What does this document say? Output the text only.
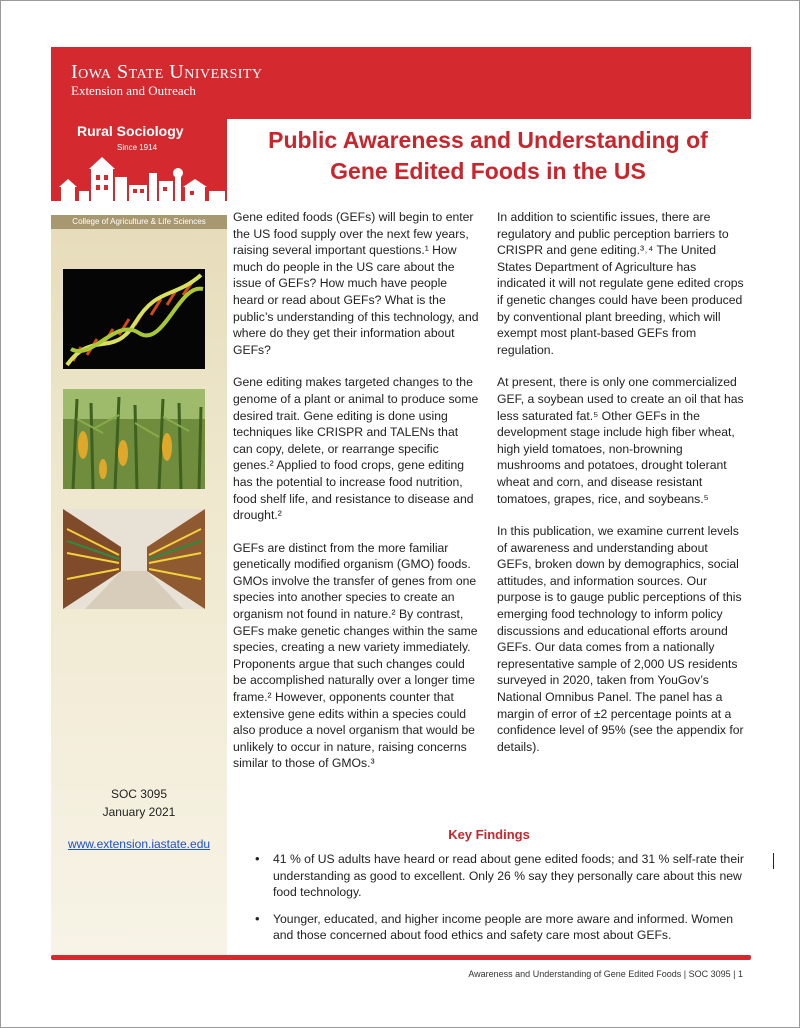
Iowa State University
Extension and Outreach
Rural Sociology
Since 1914
College of Agriculture & Life Sciences
SOC 3095
January 2021
www.extension.iastate.edu
Public Awareness and Understanding of
Gene Edited Foods in the US

Gene edited foods (GEFs) will begin to enter the US food supply over the next few years, raising several important questions.¹ How much do people in the US care about the issue of GEFs? How much have people heard or read about GEFs? What is the public’s understanding of this technology, and where do they get their information about GEFs?

Gene editing makes targeted changes to the genome of a plant or animal to produce some desired trait. Gene editing is done using techniques like CRISPR and TALENs that can copy, delete, or rearrange specific genes.² Applied to food crops, gene editing has the potential to increase food nutrition, food shelf life, and resistance to disease and drought.²

GEFs are distinct from the more familiar genetically modified organism (GMO) foods. GMOs involve the transfer of genes from one species into another species to create an organism not found in nature.² By contrast, GEFs make genetic changes within the same species, creating a new variety immediately. Proponents argue that such changes could be accomplished naturally over a longer time frame.² However, opponents counter that extensive gene edits within a species could also produce a novel organism that would be unlikely to occur in nature, raising concerns similar to those of GMOs.³

In addition to scientific issues, there are regulatory and public perception barriers to CRISPR and gene editing.³˒⁴ The United States Department of Agriculture has indicated it will not regulate gene edited crops if genetic changes could have been produced by conventional plant breeding, which will exempt most plant-based GEFs from regulation.

At present, there is only one commercialized GEF, a soybean used to create an oil that has less saturated fat.⁵ Other GEFs in the development stage include high fiber wheat, high yield tomatoes, non-browning mushrooms and potatoes, drought tolerant wheat and corn, and disease resistant tomatoes, grapes, rice, and soybeans.⁵

In this publication, we examine current levels of awareness and understanding about GEFs, broken down by demographics, social attitudes, and information sources. Our purpose is to gauge public perceptions of this emerging food technology to inform policy discussions and educational efforts around GEFs. Our data comes from a nationally representative sample of 2,000 US residents surveyed in 2020, taken from YouGov’s National Omnibus Panel. The panel has a margin of error of ±2 percentage points at a confidence level of 95% (see the appendix for details).

Key Findings
• 41 % of US adults have heard or read about gene edited foods; and 31 % self-rate their understanding as good to excellent. Only 26 % say they personally care about this new food technology.
• Younger, educated, and higher income people are more aware and informed. Women and those concerned about food ethics and safety care most about GEFs.
Awareness and Understanding of Gene Edited Foods | SOC 3095 | 1
